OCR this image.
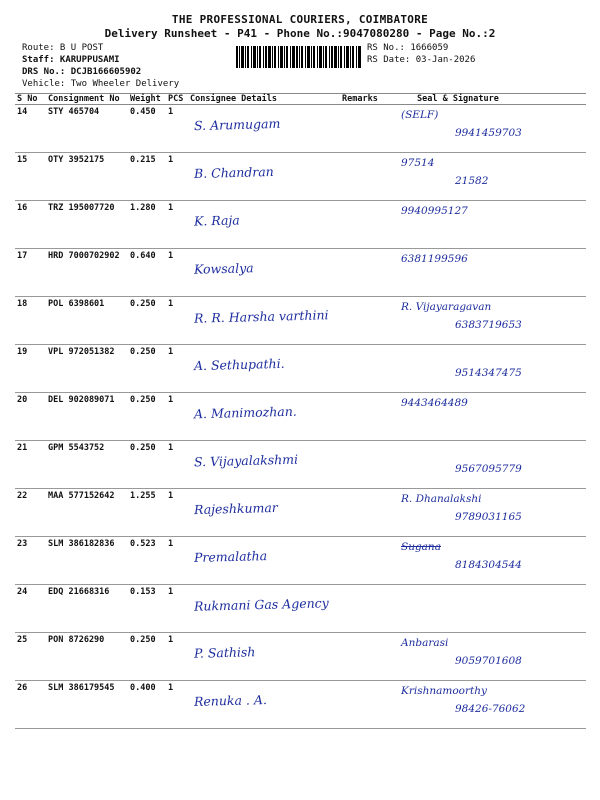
THE PROFESSIONAL COURIERS, COIMBATORE
Delivery Runsheet - P41 - Phone No.:9047080280 - Page No.:2
Route: B U POST
Staff: KARUPPUSAMI
DRS No.: DCJB166605902
Vehicle: Two Wheeler Delivery
RS No.: 1666059
RS Date: 03-Jan-2026
S No	Consignment No	Weight	PCS	Consignee Details	Remarks	Seal & Signature
14	STY 465704	0.450	1	S. Arumugam		(SELF)
9941459703

15	OTY 3952175	0.215	1	B. Chandran		97514
21582

16	TRZ 195007720	1.280	1	K. Raja		9940995127

17	HRD 7000702902	0.640	1	Kowsalya		6381199596

18	POL 6398601	0.250	1	R. R. Harsha varthini		R. Vijayaragavan
6383719653

19	VPL 972051382	0.250	1	A. Sethupathi.		9514347475

20	DEL 902089071	0.250	1	A. Manimozhan.		9443464489

21	GPM 5543752	0.250	1	S. Vijayalakshmi		9567095779

22	MAA 577152642	1.255	1	Rajeshkumar		R. Dhanalakshi
9789031165

23	SLM 386182836	0.523	1	Premalatha		Sugana
8184304544

24	EDQ 21668316	0.153	1	Rukmani Gas Agency		

25	PON 8726290	0.250	1	P. Sathish		Anbarasi
9059701608

26	SLM 386179545	0.400	1	Renuka . A.		Krishnamoorthy
98426-76062
